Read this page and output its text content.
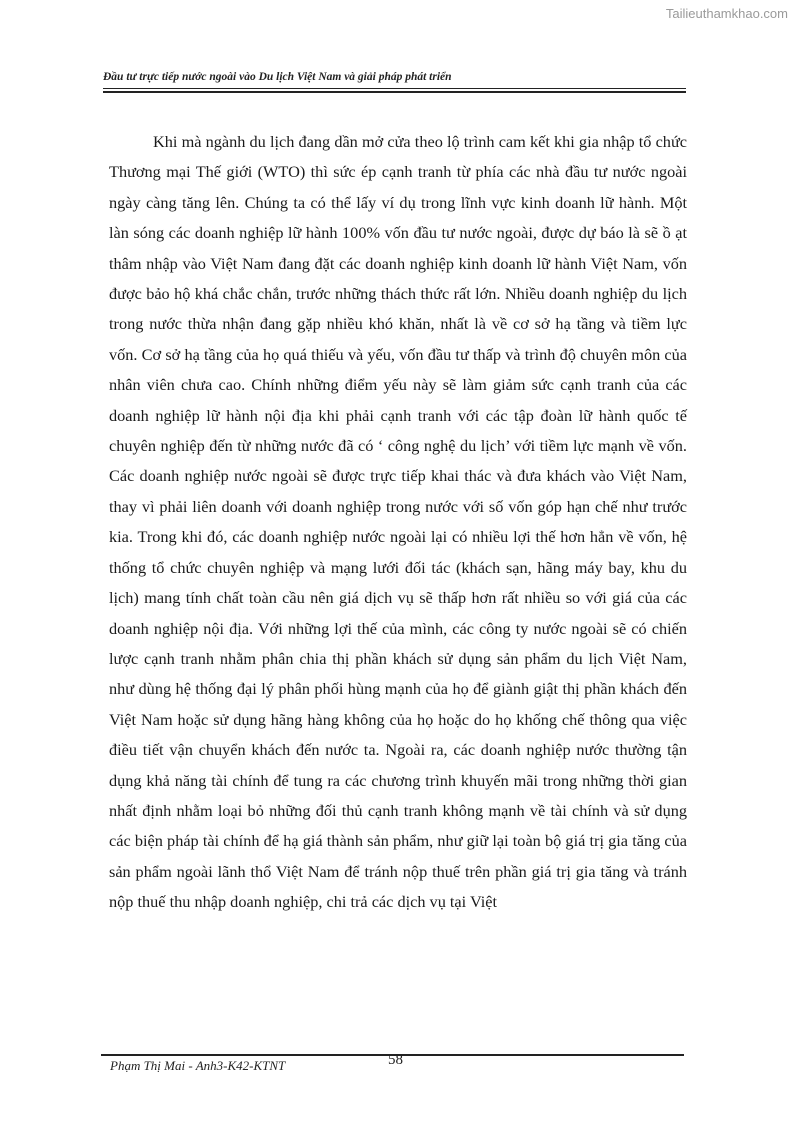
Tailieuthamkhao.com
Đầu tư trực tiếp nước ngoài vào Du lịch Việt Nam và giải pháp phát triển

Khi mà ngành du lịch đang dần mở cửa theo lộ trình cam kết khi gia nhập tổ chức Thương mại Thế giới (WTO) thì sức ép cạnh tranh từ phía các nhà đầu tư nước ngoài ngày càng tăng lên. Chúng ta có thể lấy ví dụ trong lĩnh vực kinh doanh lữ hành. Một làn sóng các doanh nghiệp lữ hành 100% vốn đầu tư nước ngoài, được dự báo là sẽ ồ ạt thâm nhập vào Việt Nam đang đặt các doanh nghiệp kinh doanh lữ hành Việt Nam, vốn được bảo hộ khá chắc chắn, trước những thách thức rất lớn. Nhiều doanh nghiệp du lịch trong nước thừa nhận đang gặp nhiều khó khăn, nhất là về cơ sở hạ tầng và tiềm lực vốn. Cơ sở hạ tầng của họ quá thiếu và yếu, vốn đầu tư thấp và trình độ chuyên môn của nhân viên chưa cao. Chính những điểm yếu này sẽ làm giảm sức cạnh tranh của các doanh nghiệp lữ hành nội địa khi phải cạnh tranh với các tập đoàn lữ hành quốc tế chuyên nghiệp đến từ những nước đã có ‘ công nghệ du lịch’ với tiềm lực mạnh về vốn. Các doanh nghiệp nước ngoài sẽ được trực tiếp khai thác và đưa khách vào Việt Nam, thay vì phải liên doanh với doanh nghiệp trong nước với số vốn góp hạn chế như trước kia. Trong khi đó, các doanh nghiệp nước ngoài lại có nhiều lợi thế hơn hẳn về vốn, hệ thống tổ chức chuyên nghiệp và mạng lưới đối tác (khách sạn, hãng máy bay, khu du lịch) mang tính chất toàn cầu nên giá dịch vụ sẽ thấp hơn rất nhiều so với giá của các doanh nghiệp nội địa. Với những lợi thế của mình, các công ty nước ngoài sẽ có chiến lược cạnh tranh nhằm phân chia thị phần khách sử dụng sản phẩm du lịch Việt Nam, như dùng hệ thống đại lý phân phối hùng mạnh của họ để giành giật thị phần khách đến Việt Nam hoặc sử dụng hãng hàng không của họ hoặc do họ khống chế thông qua việc điều tiết vận chuyển khách đến nước ta. Ngoài ra, các doanh nghiệp nước thường tận dụng khả năng tài chính để tung ra các chương trình khuyến mãi trong những thời gian nhất định nhằm loại bỏ những đối thủ cạnh tranh không mạnh về tài chính và sử dụng các biện pháp tài chính để hạ giá thành sản phẩm, như giữ lại toàn bộ giá trị gia tăng của sản phẩm ngoài lãnh thổ Việt Nam để tránh nộp thuế trên phần giá trị gia tăng và tránh nộp thuế thu nhập doanh nghiệp, chi trả các dịch vụ tại Việt

Phạm Thị Mai - Anh3-K42-KTNT	58
